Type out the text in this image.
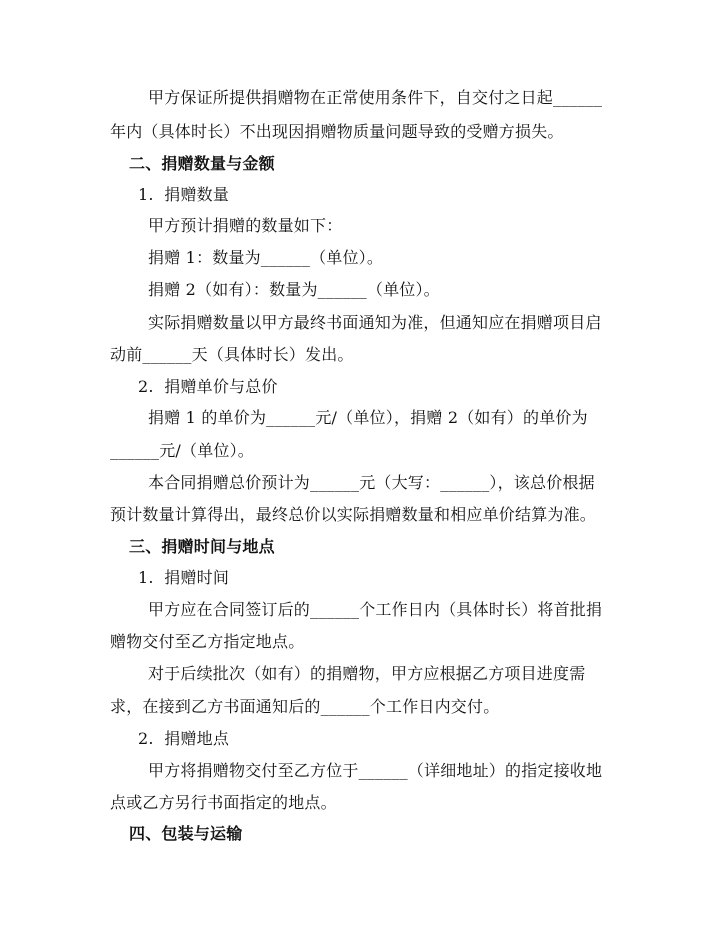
甲方保证所提供捐赠物在正常使用条件下，自交付之日起______
年内（具体时长）不出现因捐赠物质量问题导致的受赠方损失。
二、捐赠数量与金额
1.  捐赠数量
甲方预计捐赠的数量如下：
捐赠 1：数量为______（单位）。
捐赠 2（如有）：数量为______（单位）。
实际捐赠数量以甲方最终书面通知为准，但通知应在捐赠项目启
动前______天（具体时长）发出。
2.  捐赠单价与总价
捐赠 1 的单价为______元/（单位），捐赠 2（如有）的单价为
______元/（单位）。
本合同捐赠总价预计为______元（大写：______），该总价根据
预计数量计算得出，最终总价以实际捐赠数量和相应单价结算为准。
三、捐赠时间与地点
1.  捐赠时间
甲方应在合同签订后的______个工作日内（具体时长）将首批捐
赠物交付至乙方指定地点。
对于后续批次（如有）的捐赠物，甲方应根据乙方项目进度需
求，在接到乙方书面通知后的______个工作日内交付。
2.  捐赠地点
甲方将捐赠物交付至乙方位于______（详细地址）的指定接收地
点或乙方另行书面指定的地点。
四、包装与运输
